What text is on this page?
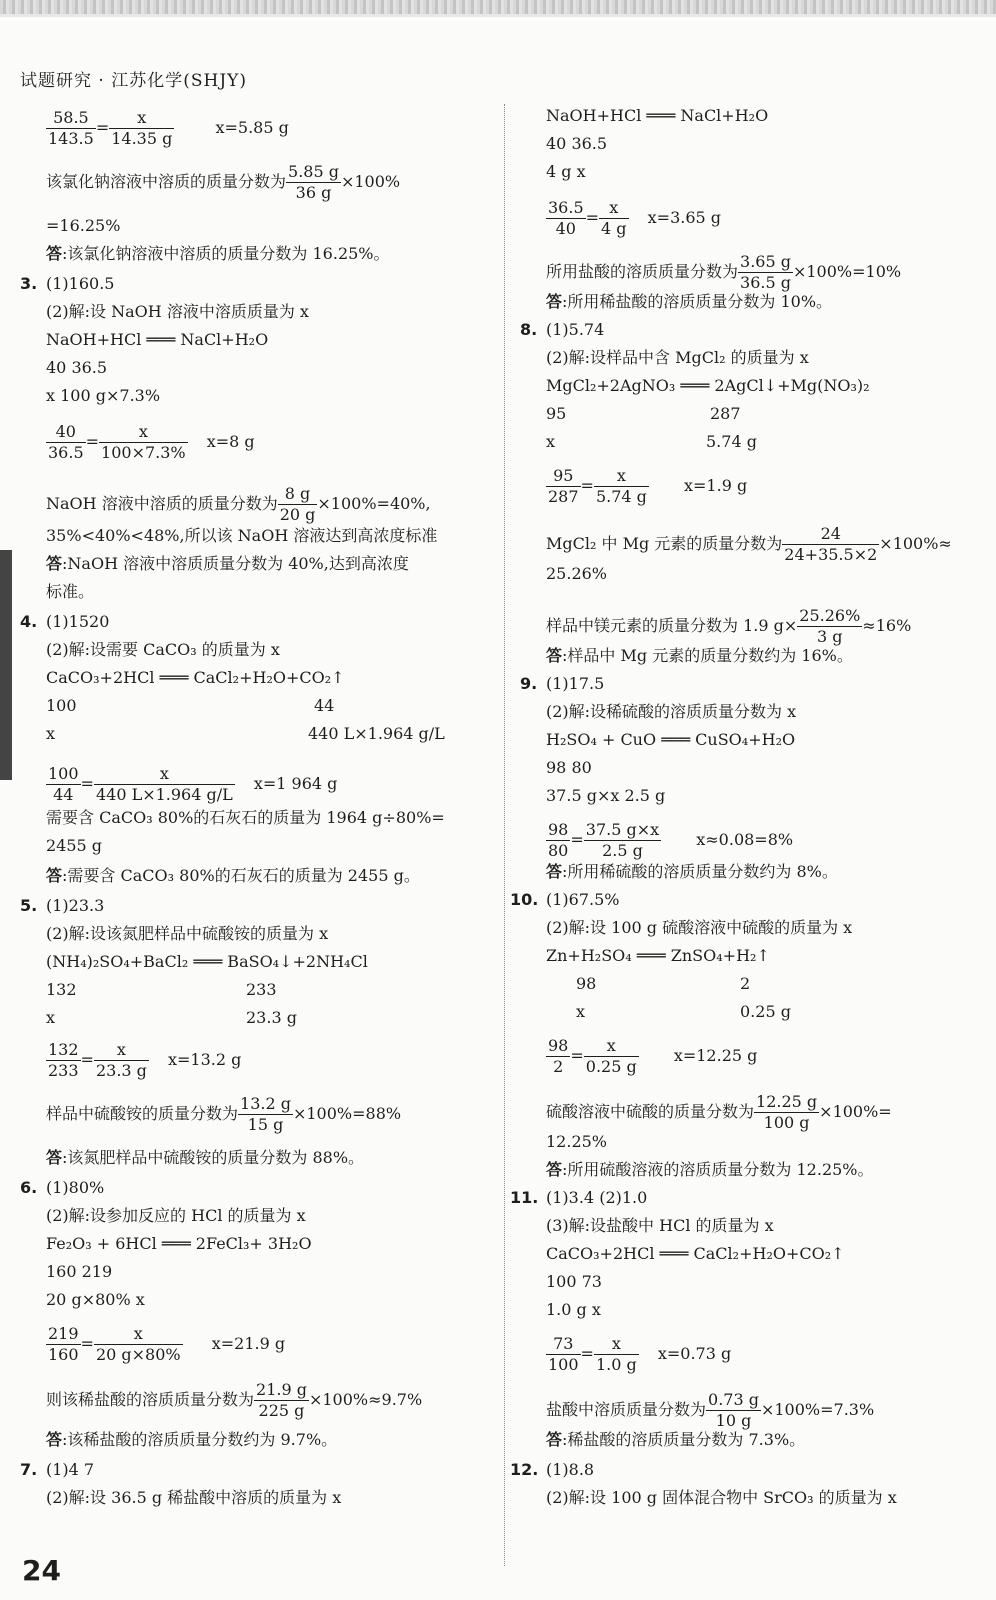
试题研究 · 江苏化学(SHJY)
$\frac{58.5}{143.5} = \frac{x}{14.35 g}$	x=5.85 g
该氯化钠溶液中溶质的质量分数为 $\frac{5.85 g}{36 g} \times 100\%$
=16.25%
答:该氯化钠溶液中溶质的质量分数为 16.25%。
3. (1)160.5
(2)解:设 NaOH 溶液中溶质质量为 x
NaOH+HCl ═══ NaCl+H₂O
40 36.5
x 100 g×7.3%
$\frac{40}{36.5} = \frac{x}{100\times 7.3\%} x=8$ g
NaOH 溶液中溶质的质量分数为 $\frac{8 g}{20 g} \times 100\%=40\%$,
35%<40%<48%,所以该 NaOH 溶液达到高浓度标准
答:NaOH 溶液中溶质质量分数为 40%,达到高浓度
标准。
4. (1)1520
(2)解:设需要 CaCO₃ 的质量为 x
CaCO₃+2HCl ═══ CaCl₂+H₂O+CO₂↑
100	44
x	440 L×1.964 g/L
$\frac{100}{44} = \frac{x}{440 L\times 1.964 g/L} x=1$ 964 g
需要含 CaCO₃ 80%的石灰石的质量为 1964 g÷80%=
2455 g
答:需要含 CaCO₃ 80%的石灰石的质量为 2455 g。
5. (1)23.3
(2)解:设该氮肥样品中硫酸铵的质量为 x
(NH₄)₂SO₄+BaCl₂ ═══ BaSO₄↓+2NH₄Cl
132	233
x	23.3 g
$\frac{132}{233} = \frac{x}{23.3 g} x=13.2$ g
样品中硫酸铵的质量分数为 $\frac{13.2 g}{15 g} \times 100\%=88\%$
答:该氮肥样品中硫酸铵的质量分数为 88%。
6. (1)80%
(2)解:设参加反应的 HCl 的质量为 x
Fe₂O₃ + 6HCl ═══ 2FeCl₃+ 3H₂O
160 219
20 g×80% x
$\frac{219}{160} = \frac{x}{20 g\times 80\%} x=21.9$ g
则该稀盐酸的溶质质量分数为 $\frac{21.9 g}{225 g} \times 100\%\approx 9.7\%$
答:该稀盐酸的溶质质量分数约为 9.7%。
7. (1)4 7
(2)解:设 36.5 g 稀盐酸中溶质的质量为 x
NaOH+HCl ═══ NaCl+H₂O
40 36.5
4 g x
$\frac{36.5}{40} = \frac{x}{4 g} x=3.65$ g
所用盐酸的溶质质量分数为 $\frac{3.65 g}{36.5 g} \times 100\%=10\%$
答:所用稀盐酸的溶质质量分数为 10%。
8. (1)5.74
(2)解:设样品中含 MgCl₂ 的质量为 x
MgCl₂+2AgNO₃ ═══ 2AgCl↓+Mg(NO₃)₂
95	287
x	5.74 g
$\frac{95}{287} = \frac{x}{5.74 g} x=1.9$ g
MgCl₂ 中 Mg 元素的质量分数为 $\frac{24}{24+35.5\times 2} \times 100\%\approx$
25.26%
样品中镁元素的质量分数为 1.9 $g\times \frac{25.26\%}{3 g} \approx 16\%$
答:样品中 Mg 元素的质量分数约为 16%。
9. (1)17.5
(2)解:设稀硫酸的溶质质量分数为 x
H₂SO₄ + CuO ═══ CuSO₄+H₂O
98 80
37.5 g×x 2.5 g
$\frac{98}{80} = \frac{37.5 g\times x}{2.5 g} x\approx 0.08=8\%$
答:所用稀硫酸的溶质质量分数约为 8%。
10. (1)67.5%
(2)解:设 100 g 硫酸溶液中硫酸的质量为 x
Zn+H₂SO₄ ═══ ZnSO₄+H₂↑
98	2
x	0.25 g
$\frac{98}{2} = \frac{x}{0.25 g} x=12.25$ g
硫酸溶液中硫酸的质量分数为 $\frac{12.25 g}{100 g} \times 100\%=$
12.25%
答:所用硫酸溶液的溶质质量分数为 12.25%。
11. (1)3.4 (2)1.0
(3)解:设盐酸中 HCl 的质量为 x
CaCO₃+2HCl ═══ CaCl₂+H₂O+CO₂↑
100 73
1.0 g x
$\frac{73}{100} = \frac{x}{1.0 g} x=0.73$ g
盐酸中溶质质量分数为 $\frac{0.73 g}{10 g} \times 100\%=7.3\%$
答:稀盐酸的溶质质量分数为 7.3%。
12. (1)8.8
(2)解:设 100 g 固体混合物中 SrCO₃ 的质量为 x
24
